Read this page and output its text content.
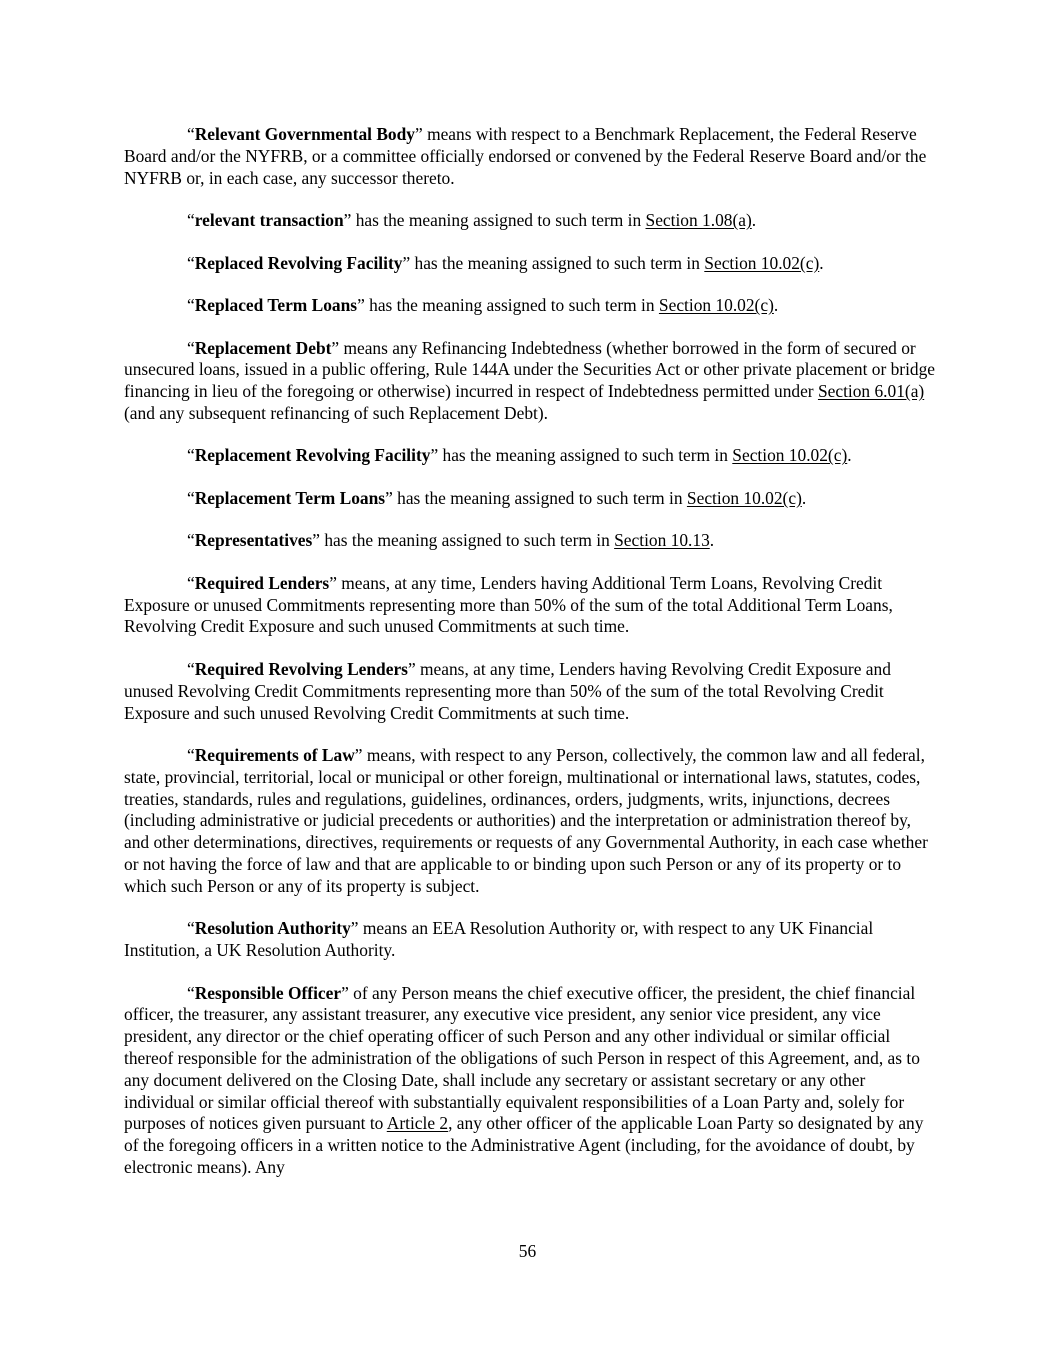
“Relevant Governmental Body” means with respect to a Benchmark Replacement, the Federal Reserve Board and/or the NYFRB, or a committee officially endorsed or convened by the Federal Reserve Board and/or the NYFRB or, in each case, any successor thereto.

“relevant transaction” has the meaning assigned to such term in Section 1.08(a).

“Replaced Revolving Facility” has the meaning assigned to such term in Section 10.02(c).

“Replaced Term Loans” has the meaning assigned to such term in Section 10.02(c).

“Replacement Debt” means any Refinancing Indebtedness (whether borrowed in the form of secured or unsecured loans, issued in a public offering, Rule 144A under the Securities Act or other private placement or bridge financing in lieu of the foregoing or otherwise) incurred in respect of Indebtedness permitted under Section 6.01(a) (and any subsequent refinancing of such Replacement Debt).

“Replacement Revolving Facility” has the meaning assigned to such term in Section 10.02(c).

“Replacement Term Loans” has the meaning assigned to such term in Section 10.02(c).

“Representatives” has the meaning assigned to such term in Section 10.13.

“Required Lenders” means, at any time, Lenders having Additional Term Loans, Revolving Credit Exposure or unused Commitments representing more than 50% of the sum of the total Additional Term Loans, Revolving Credit Exposure and such unused Commitments at such time.

“Required Revolving Lenders” means, at any time, Lenders having Revolving Credit Exposure and unused Revolving Credit Commitments representing more than 50% of the sum of the total Revolving Credit Exposure and such unused Revolving Credit Commitments at such time.

“Requirements of Law” means, with respect to any Person, collectively, the common law and all federal, state, provincial, territorial, local or municipal or other foreign, multinational or international laws, statutes, codes, treaties, standards, rules and regulations, guidelines, ordinances, orders, judgments, writs, injunctions, decrees (including administrative or judicial precedents or authorities) and the interpretation or administration thereof by, and other determinations, directives, requirements or requests of any Governmental Authority, in each case whether or not having the force of law and that are applicable to or binding upon such Person or any of its property or to which such Person or any of its property is subject.

“Resolution Authority” means an EEA Resolution Authority or, with respect to any UK Financial Institution, a UK Resolution Authority.

“Responsible Officer” of any Person means the chief executive officer, the president, the chief financial officer, the treasurer, any assistant treasurer, any executive vice president, any senior vice president, any vice president, any director or the chief operating officer of such Person and any other individual or similar official thereof responsible for the administration of the obligations of such Person in respect of this Agreement, and, as to any document delivered on the Closing Date, shall include any secretary or assistant secretary or any other individual or similar official thereof with substantially equivalent responsibilities of a Loan Party and, solely for purposes of notices given pursuant to Article 2, any other officer of the applicable Loan Party so designated by any of the foregoing officers in a written notice to the Administrative Agent (including, for the avoidance of doubt, by electronic means). Any

56
